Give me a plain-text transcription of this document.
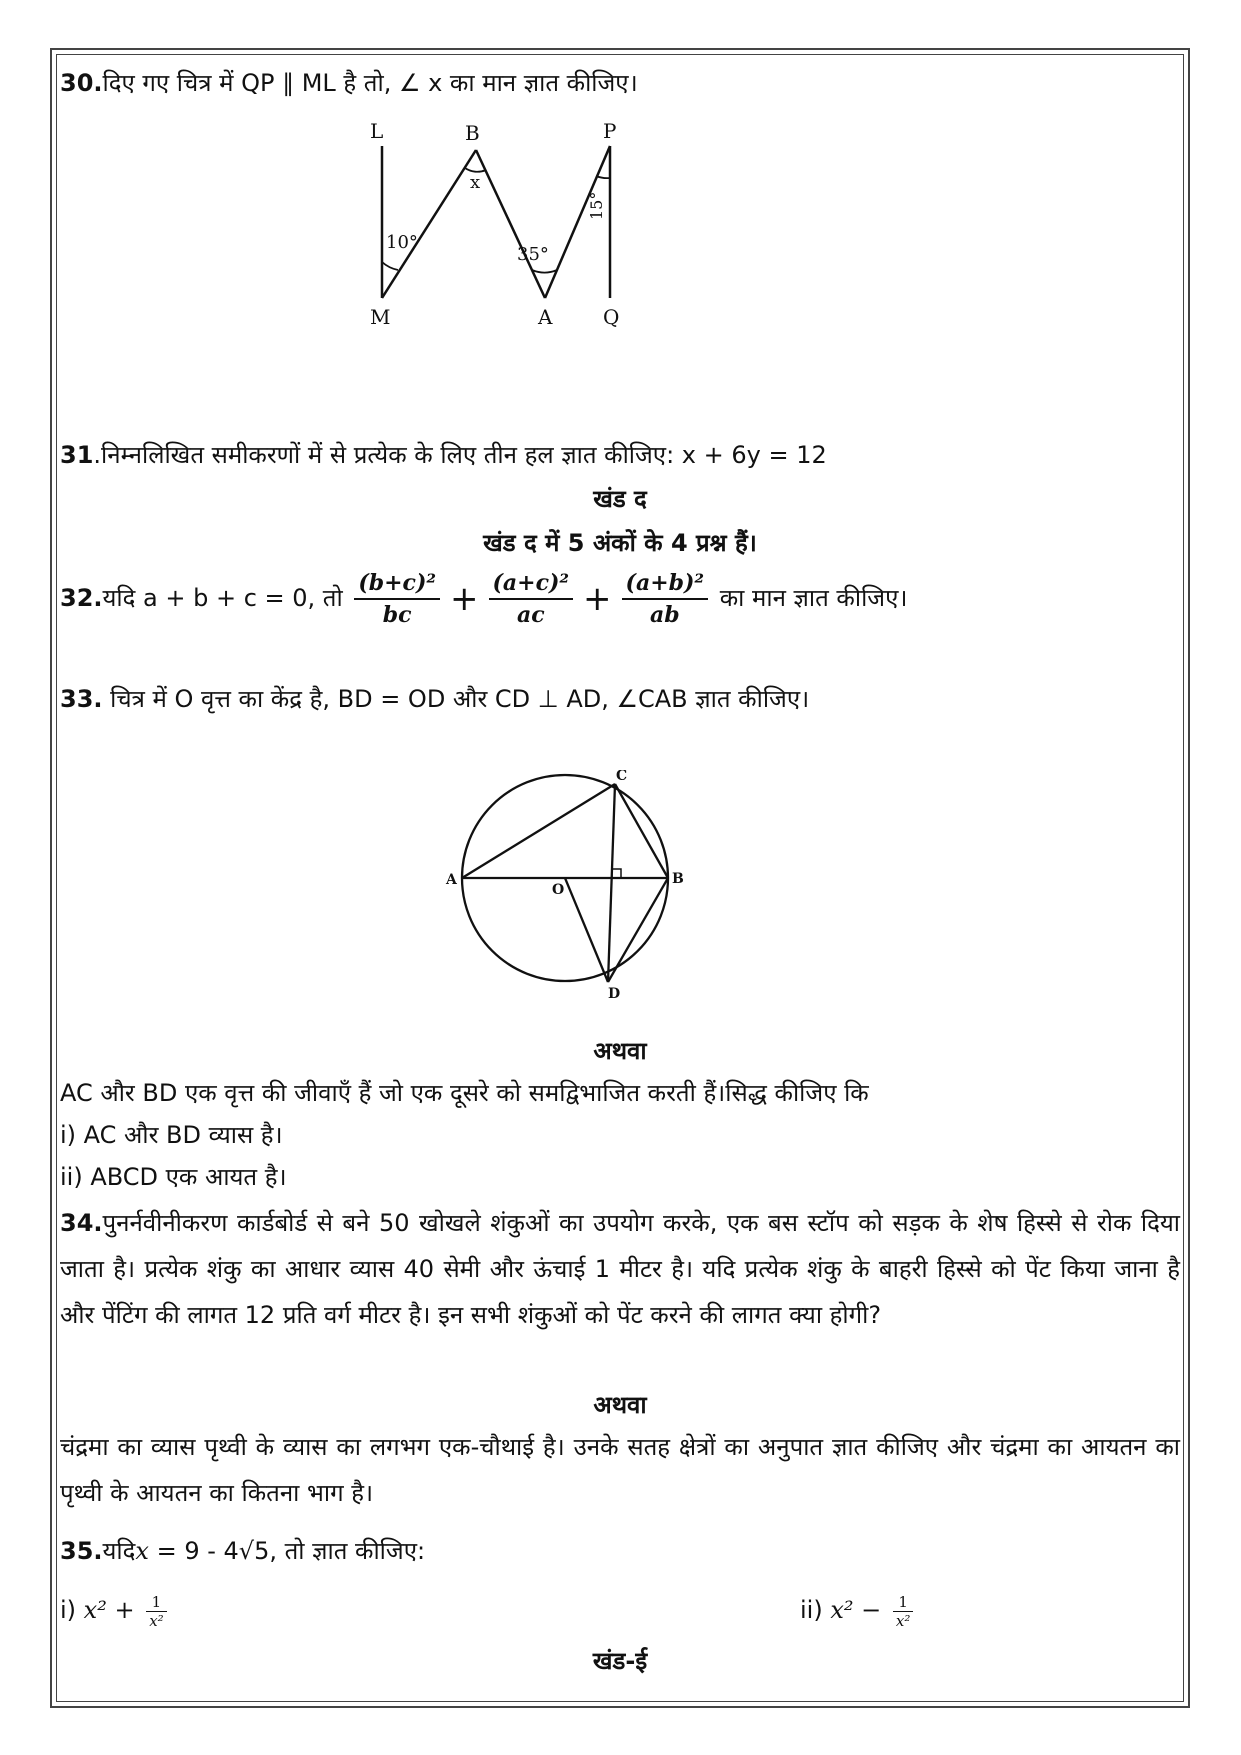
30.दिए गए चित्र में QP ∥ ML है तो, ∠ x का मान ज्ञात कीजिए।
L	B	P
M	A	Q
x
10°
35°
15°
31.निम्नलिखित समीकरणों में से प्रत्येक के लिए तीन हल ज्ञात कीजिए: x + 6y = 12
खंड द
खंड द में 5 अंकों के 4 प्रश्न हैं।
32.यदि a + b + c = 0, तो $\frac{\text{(b+c)²}}{bc} + \frac{\text{(a+c)²}}{ac} + \frac{\text{(a+b)²}}{ab}$ का मान ज्ञात कीजिए।
33. चित्र में O वृत्त का केंद्र है, BD = OD और CD ⊥ AD, ∠CAB ज्ञात कीजिए।
A	B
C
D
O
अथवा
AC और BD एक वृत्त की जीवाएँ हैं जो एक दूसरे को समद्विभाजित करती हैं।सिद्ध कीजिए कि
i) AC और BD व्यास है।
ii) ABCD एक आयत है।
34.पुनर्नवीनीकरण कार्डबोर्ड से बने 50 खोखले शंकुओं का उपयोग करके, एक बस स्टॉप को सड़क के शेष हिस्से से रोक दिया जाता है। प्रत्येक शंकु का आधार व्यास 40 सेमी और ऊंचाई 1 मीटर है। यदि प्रत्येक शंकु के बाहरी हिस्से को पेंट किया जाना है और पेंटिंग की लागत 12 प्रति वर्ग मीटर है। इन सभी शंकुओं को पेंट करने की लागत क्या होगी?
अथवा
चंद्रमा का व्यास पृथ्वी के व्यास का लगभग एक-चौथाई है। उनके सतह क्षेत्रों का अनुपात ज्ञात कीजिए और चंद्रमा का आयतन का पृथ्वी के आयतन का कितना भाग है।
35.यदिx = 9 - 4√5, तो ज्ञात कीजिए:
i) $x^2 + \frac{1}{\text{x²}}$	ii) $x^2 - \frac{1}{\text{x²}}$
खंड-ई
